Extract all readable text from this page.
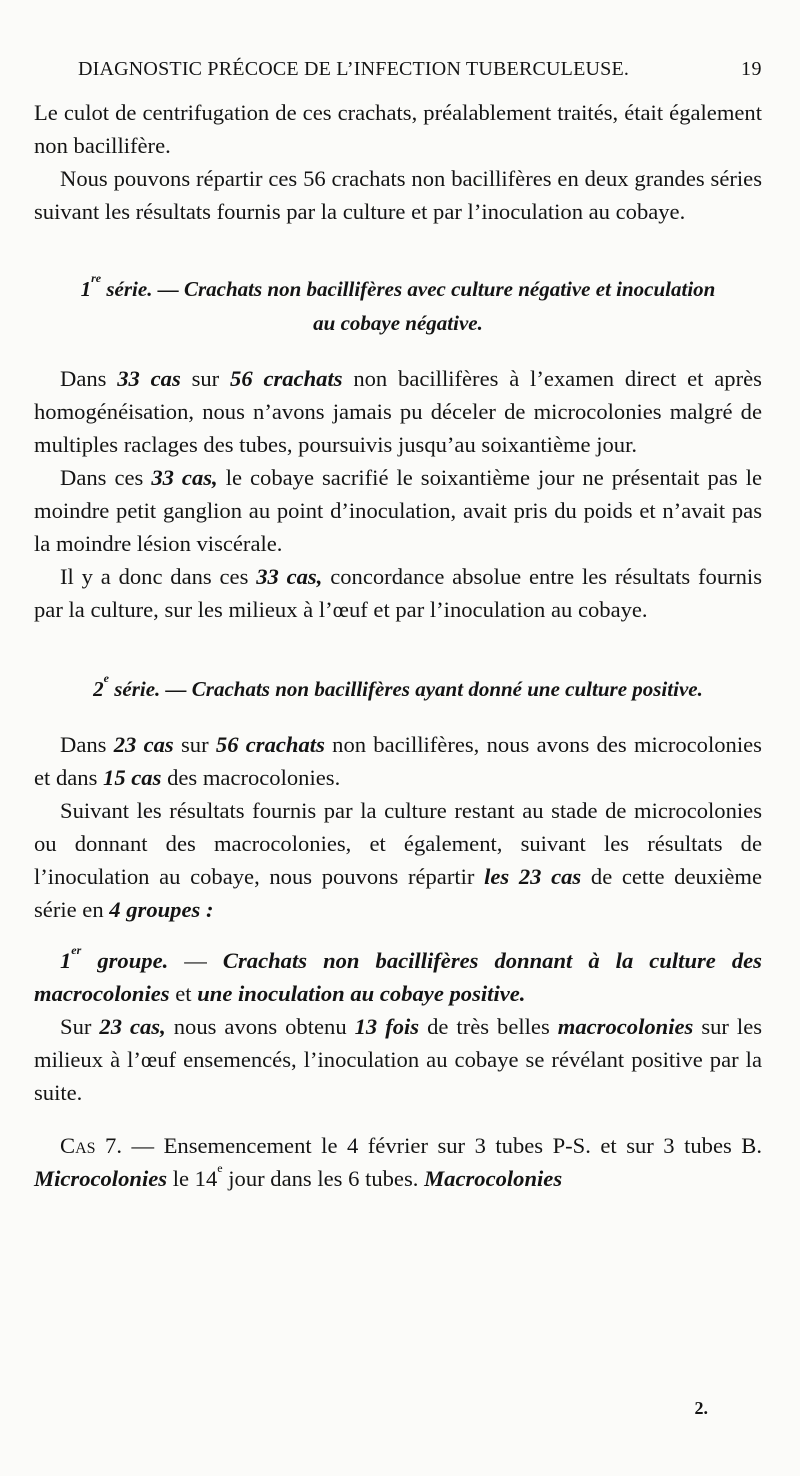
DIAGNOSTIC PRÉCOCE DE L’INFECTION TUBERCULEUSE.	19

Le culot de centrifugation de ces crachats, préalablement traités, était également non bacillifère.

Nous pouvons répartir ces 56 crachats non bacillifères en deux grandes séries suivant les résultats fournis par la culture et par l’inoculation au cobaye.

1re série. — Crachats non bacillifères avec culture négative et inoculation au cobaye négative.

Dans 33 cas sur 56 crachats non bacillifères à l’examen direct et après homogénéisation, nous n’avons jamais pu déceler de microcolonies malgré de multiples raclages des tubes, poursuivis jusqu’au soixantième jour.

Dans ces 33 cas, le cobaye sacrifié le soixantième jour ne présentait pas le moindre petit ganglion au point d’inoculation, avait pris du poids et n’avait pas la moindre lésion viscérale.

Il y a donc dans ces 33 cas, concordance absolue entre les résultats fournis par la culture, sur les milieux à l’œuf et par l’inoculation au cobaye.

2e série. — Crachats non bacillifères ayant donné une culture positive.

Dans 23 cas sur 56 crachats non bacillifères, nous avons des microcolonies et dans 15 cas des macrocolonies.

Suivant les résultats fournis par la culture restant au stade de microcolonies ou donnant des macrocolonies, et également, suivant les résultats de l’inoculation au cobaye, nous pouvons répartir les 23 cas de cette deuxième série en 4 groupes :

1er groupe. — Crachats non bacillifères donnant à la culture des macrocolonies et une inoculation au cobaye positive.

Sur 23 cas, nous avons obtenu 13 fois de très belles macrocolonies sur les milieux à l’œuf ensemencés, l’inoculation au cobaye se révélant positive par la suite.

Cas 7. — Ensemencement le 4 février sur 3 tubes P-S. et sur 3 tubes B. Microcolonies le 14e jour dans les 6 tubes. Macrocolonies

2.
